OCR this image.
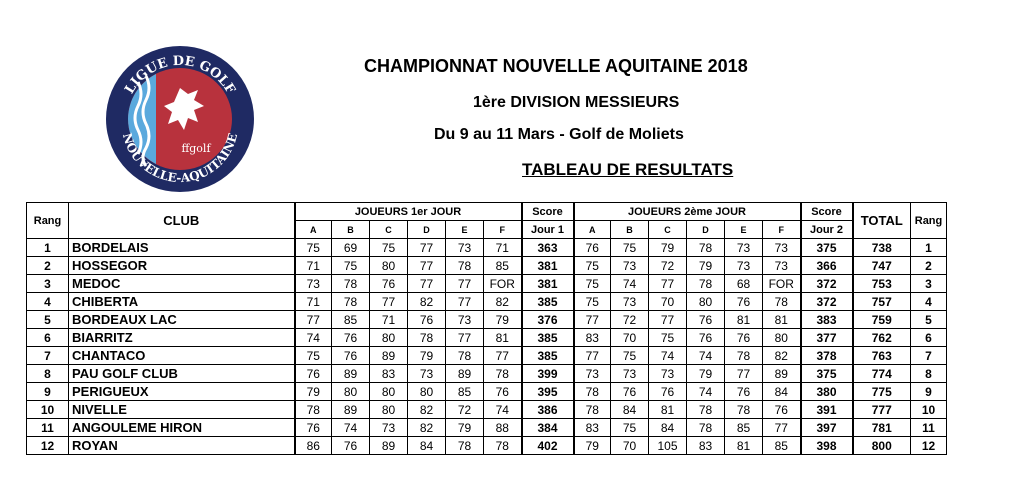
LIGUE DE GOLF
NOUVELLE-AQUITAINE
ffgolf
CHAMPIONNAT NOUVELLE AQUITAINE 2018
1ère DIVISION MESSIEURS
Du 9 au 11 Mars - Golf de Moliets
TABLEAU DE RESULTATS
Rang	CLUB	JOUEURS 1er JOUR						Score	JOUEURS 2ème JOUR						Score	TOTAL	Rang
		A	B	C	D	E	F	Jour 1	A	B	C	D	E	F	Jour 2		
1	BORDELAIS	75	69	75	77	73	71	363	76	75	79	78	73	73	375	738	1
2	HOSSEGOR	71	75	80	77	78	85	381	75	73	72	79	73	73	366	747	2
3	MEDOC	73	78	76	77	77	FOR	381	75	74	77	78	68	FOR	372	753	3
4	CHIBERTA	71	78	77	82	77	82	385	75	73	70	80	76	78	372	757	4
5	BORDEAUX LAC	77	85	71	76	73	79	376	77	72	77	76	81	81	383	759	5
6	BIARRITZ	74	76	80	78	77	81	385	83	70	75	76	76	80	377	762	6
7	CHANTACO	75	76	89	79	78	77	385	77	75	74	74	78	82	378	763	7
8	PAU GOLF CLUB	76	89	83	73	89	78	399	73	73	73	79	77	89	375	774	8
9	PERIGUEUX	79	80	80	80	85	76	395	78	76	76	74	76	84	380	775	9
10	NIVELLE	78	89	80	82	72	74	386	78	84	81	78	78	76	391	777	10
11	ANGOULEME HIRON	76	74	73	82	79	88	384	83	75	84	78	85	77	397	781	11
12	ROYAN	86	76	89	84	78	78	402	79	70	105	83	81	85	398	800	12
